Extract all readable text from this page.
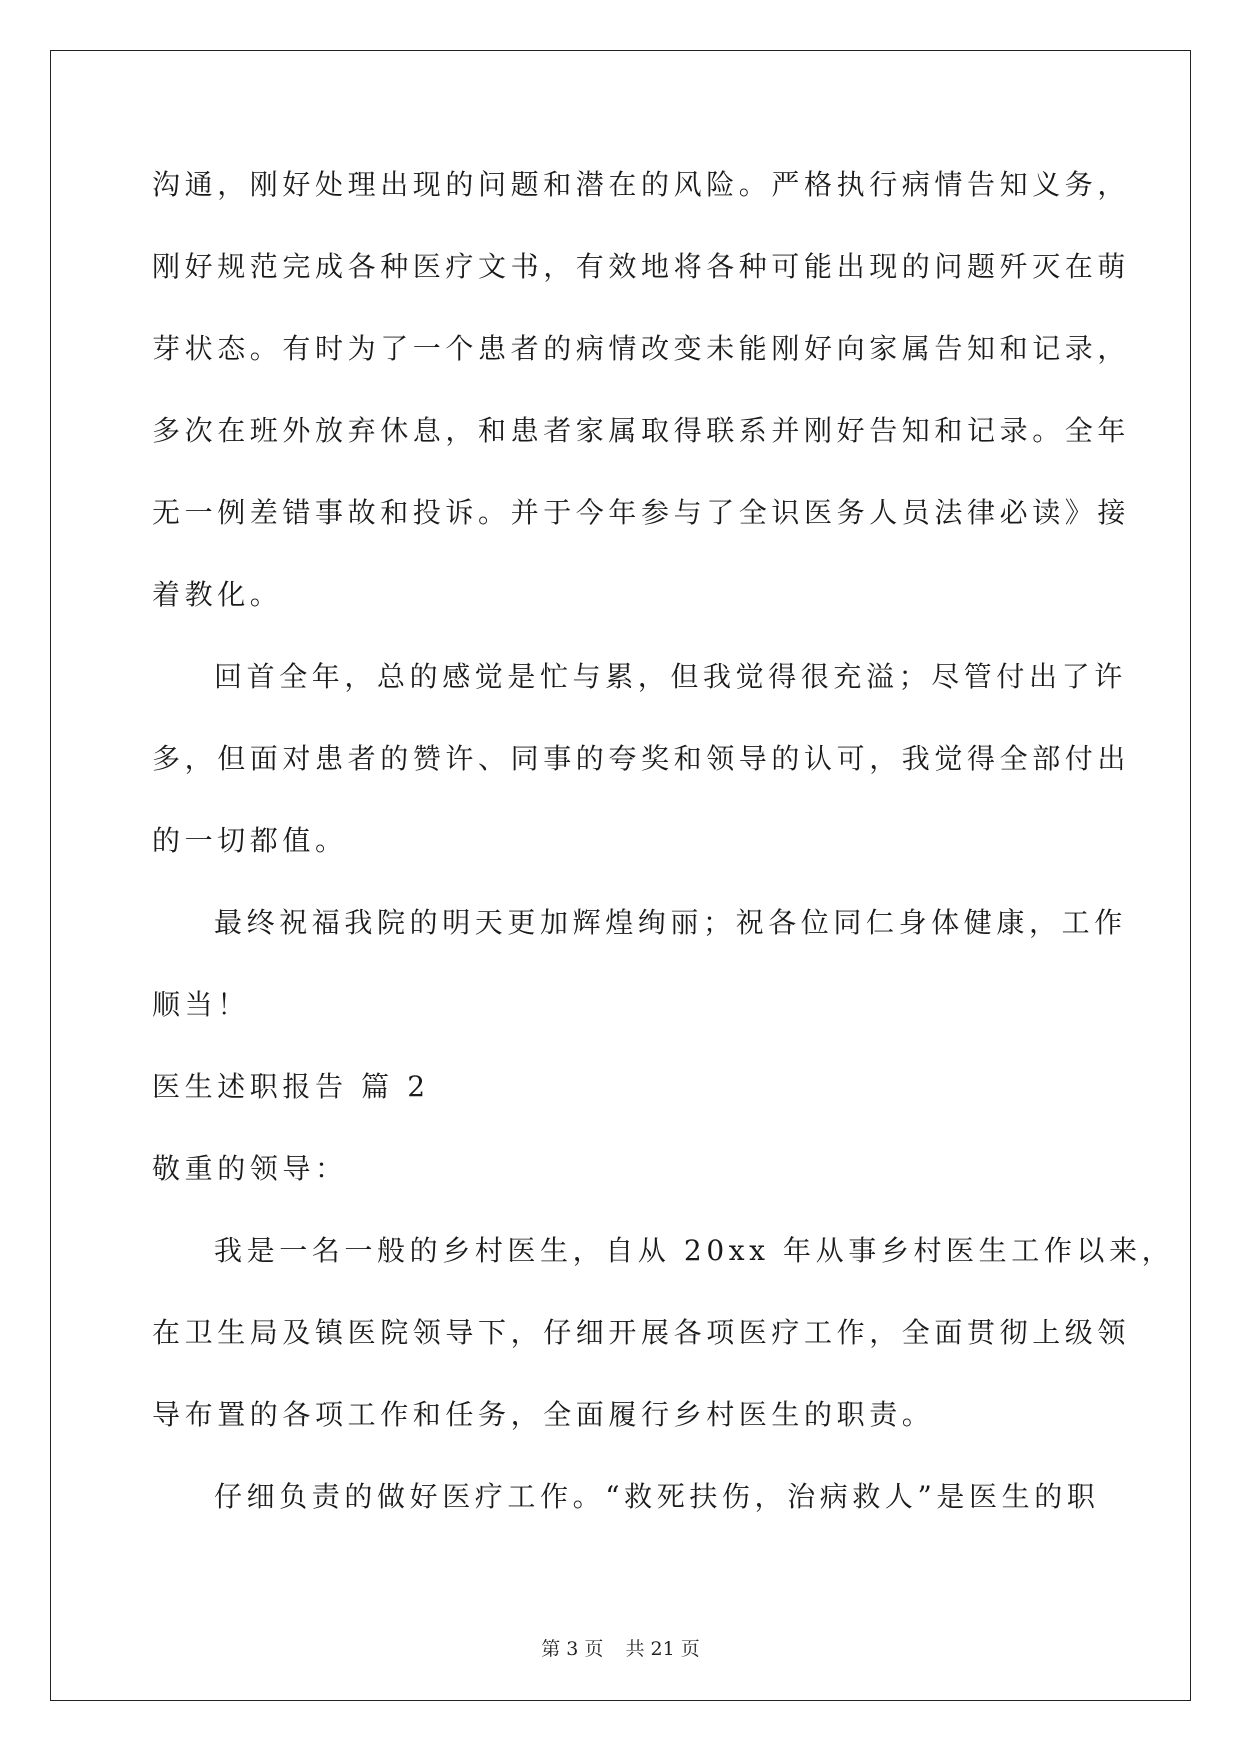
沟通，刚好处理出现的问题和潜在的风险。严格执行病情告知义务，
刚好规范完成各种医疗文书，有效地将各种可能出现的问题歼灭在萌
芽状态。有时为了一个患者的病情改变未能刚好向家属告知和记录，
多次在班外放弃休息，和患者家属取得联系并刚好告知和记录。全年
无一例差错事故和投诉。并于今年参与了全识医务人员法律必读》接
着教化。
回首全年，总的感觉是忙与累，但我觉得很充溢；尽管付出了许
多，但面对患者的赞许、同事的夸奖和领导的认可，我觉得全部付出
的一切都值。
最终祝福我院的明天更加辉煌绚丽；祝各位同仁身体健康，工作
顺当！
医生述职报告 篇 2
敬重的领导：
我是一名一般的乡村医生，自从 20xx 年从事乡村医生工作以来，
在卫生局及镇医院领导下，仔细开展各项医疗工作，全面贯彻上级领
导布置的各项工作和任务，全面履行乡村医生的职责。
仔细负责的做好医疗工作。“救死扶伤，治病救人”是医生的职
第 3 页 共 21 页
